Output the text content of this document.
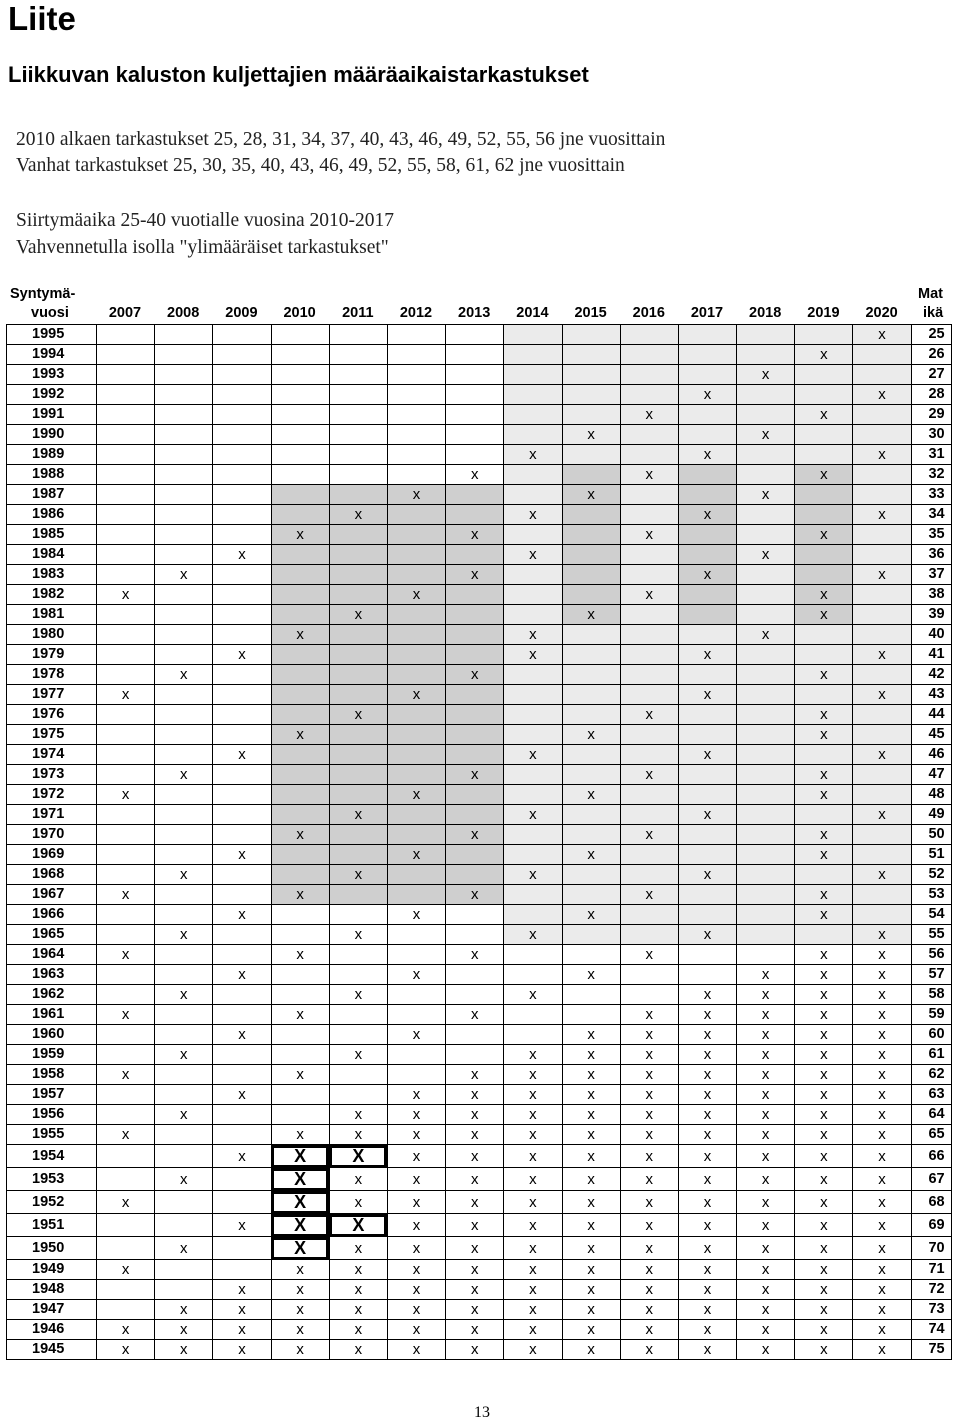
Liite
Liikkuvan kaluston kuljettajien määräaikaistarkastukset
2010 alkaen tarkastukset 25, 28, 31, 34, 37, 40, 43, 46, 49, 52, 55, 56 jne vuosittain
Vanhat tarkastukset 25, 30, 35, 40, 43, 46, 49, 52, 55, 58, 61, 62 jne vuosittain
Siirtymäaika 25-40 vuotialle vuosina 2010-2017
Vahvennetulla isolla "ylimääräiset tarkastukset"
Syntymä-
vuosi
Mat
ikä
2007	2008	2009	2010	2011	2012	2013	2014	2015	2016	2017	2018	2019	2020
1995														x	25
1994													x		26
1993												x			27
1992											x			x	28
1991										x			x		29
1990									x			x			30
1989								x			x			x	31
1988							x			x			x		32
1987						x			x			x			33
1986					x			x			x			x	34
1985				x			x			x			x		35
1984			x					x				x			36
1983		x					x				x			x	37
1982	x					x				x			x		38
1981					x				x				x		39
1980				x				x				x			40
1979			x					x			x			x	41
1978		x					x						x		42
1977	x					x					x			x	43
1976					x					x			x		44
1975				x					x				x		45
1974			x					x			x			x	46
1973		x					x			x			x		47
1972	x					x			x				x		48
1971					x			x			x			x	49
1970				x			x			x			x		50
1969			x			x			x				x		51
1968		x			x			x			x			x	52
1967	x			x			x			x			x		53
1966			x			x			x				x		54
1965		x			x			x			x			x	55
1964	x			x			x			x			x	x	56
1963			x			x			x			x	x	x	57
1962		x			x			x			x	x	x	x	58
1961	x			x			x			x	x	x	x	x	59
1960			x			x			x	x	x	x	x	x	60
1959		x			x			x	x	x	x	x	x	x	61
1958	x			x			x	x	x	x	x	x	x	x	62
1957			x			x	x	x	x	x	x	x	x	x	63
1956		x			x	x	x	x	x	x	x	x	x	x	64
1955	x			x	x	x	x	x	x	x	x	x	x	x	65
1954			x	X	X	x	x	x	x	x	x	x	x	x	66
1953		x		X	x	x	x	x	x	x	x	x	x	x	67
1952	x			X	x	x	x	x	x	x	x	x	x	x	68
1951			x	X	X	x	x	x	x	x	x	x	x	x	69
1950		x		X	x	x	x	x	x	x	x	x	x	x	70
1949	x			x	x	x	x	x	x	x	x	x	x	x	71
1948			x	x	x	x	x	x	x	x	x	x	x	x	72
1947		x	x	x	x	x	x	x	x	x	x	x	x	x	73
1946	x	x	x	x	x	x	x	x	x	x	x	x	x	x	74
1945	x	x	x	x	x	x	x	x	x	x	x	x	x	x	75
13
